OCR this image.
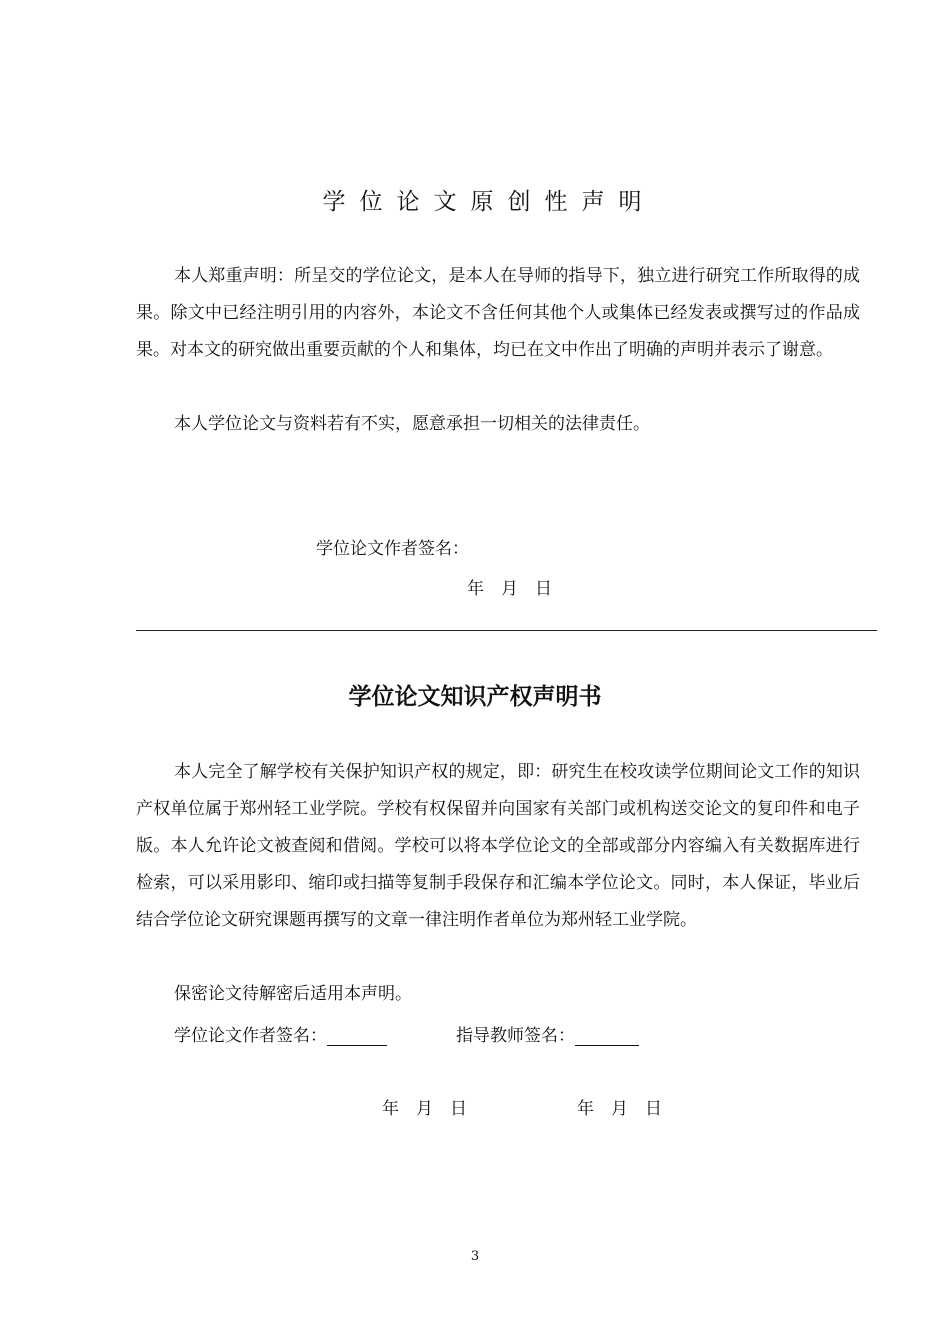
学位论文原创性声明
本人郑重声明：所呈交的学位论文，是本人在导师的指导下，独立进行研究工作所取得的成果。除文中已经注明引用的内容外，本论文不含任何其他个人或集体已经发表或撰写过的作品成果。对本文的研究做出重要贡献的个人和集体，均已在文中作出了明确的声明并表示了谢意。
本人学位论文与资料若有不实，愿意承担一切相关的法律责任。
学位论文作者签名：
年　月　日
学位论文知识产权声明书
本人完全了解学校有关保护知识产权的规定，即：研究生在校攻读学位期间论文工作的知识产权单位属于郑州轻工业学院。学校有权保留并向国家有关部门或机构送交论文的复印件和电子版。本人允许论文被查阅和借阅。学校可以将本学位论文的全部或部分内容编入有关数据库进行检索，可以采用影印、缩印或扫描等复制手段保存和汇编本学位论文。同时，本人保证，毕业后结合学位论文研究课题再撰写的文章一律注明作者单位为郑州轻工业学院。
保密论文待解密后适用本声明。
学位论文作者签名：	指导教师签名：
年　月　日	年　月　日
3
